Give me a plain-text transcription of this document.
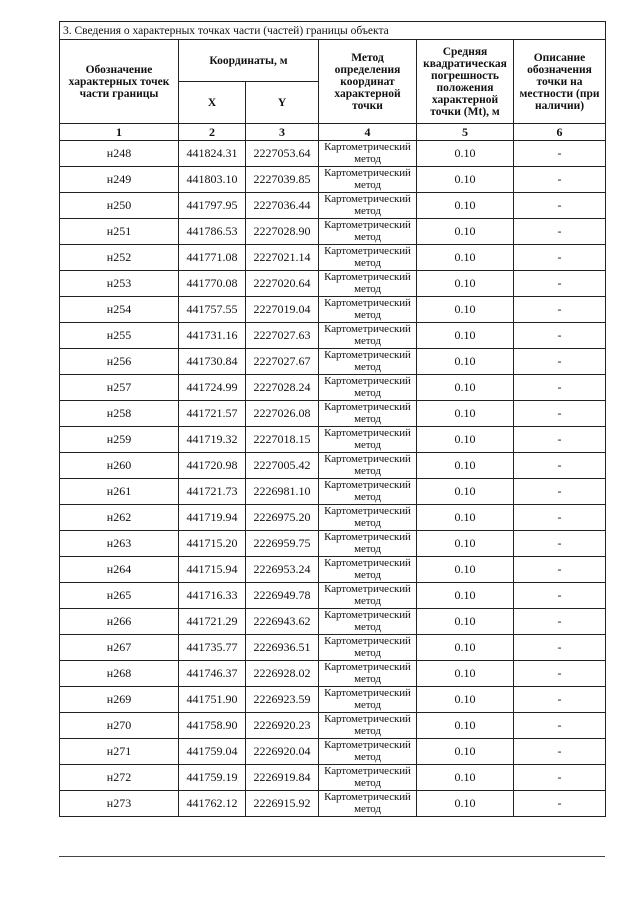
3. Сведения о характерных точках части (частей) границы объекта					
Обозначение характерных точек части границы	Координаты, м		Метод определения координат характерной точки	Средняя квадратическая погрешность положения характерной точки (Mt), м	Описание обозначения точки на местности (при наличии)
	X	Y			
1	2	3	4	5	6
н248	441824.31	2227053.64	Картометрический метод	0.10	-
н249	441803.10	2227039.85	Картометрический метод	0.10	-
н250	441797.95	2227036.44	Картометрический метод	0.10	-
н251	441786.53	2227028.90	Картометрический метод	0.10	-
н252	441771.08	2227021.14	Картометрический метод	0.10	-
н253	441770.08	2227020.64	Картометрический метод	0.10	-
н254	441757.55	2227019.04	Картометрический метод	0.10	-
н255	441731.16	2227027.63	Картометрический метод	0.10	-
н256	441730.84	2227027.67	Картометрический метод	0.10	-
н257	441724.99	2227028.24	Картометрический метод	0.10	-
н258	441721.57	2227026.08	Картометрический метод	0.10	-
н259	441719.32	2227018.15	Картометрический метод	0.10	-
н260	441720.98	2227005.42	Картометрический метод	0.10	-
н261	441721.73	2226981.10	Картометрический метод	0.10	-
н262	441719.94	2226975.20	Картометрический метод	0.10	-
н263	441715.20	2226959.75	Картометрический метод	0.10	-
н264	441715.94	2226953.24	Картометрический метод	0.10	-
н265	441716.33	2226949.78	Картометрический метод	0.10	-
н266	441721.29	2226943.62	Картометрический метод	0.10	-
н267	441735.77	2226936.51	Картометрический метод	0.10	-
н268	441746.37	2226928.02	Картометрический метод	0.10	-
н269	441751.90	2226923.59	Картометрический метод	0.10	-
н270	441758.90	2226920.23	Картометрический метод	0.10	-
н271	441759.04	2226920.04	Картометрический метод	0.10	-
н272	441759.19	2226919.84	Картометрический метод	0.10	-
н273	441762.12	2226915.92	Картометрический метод	0.10	-
